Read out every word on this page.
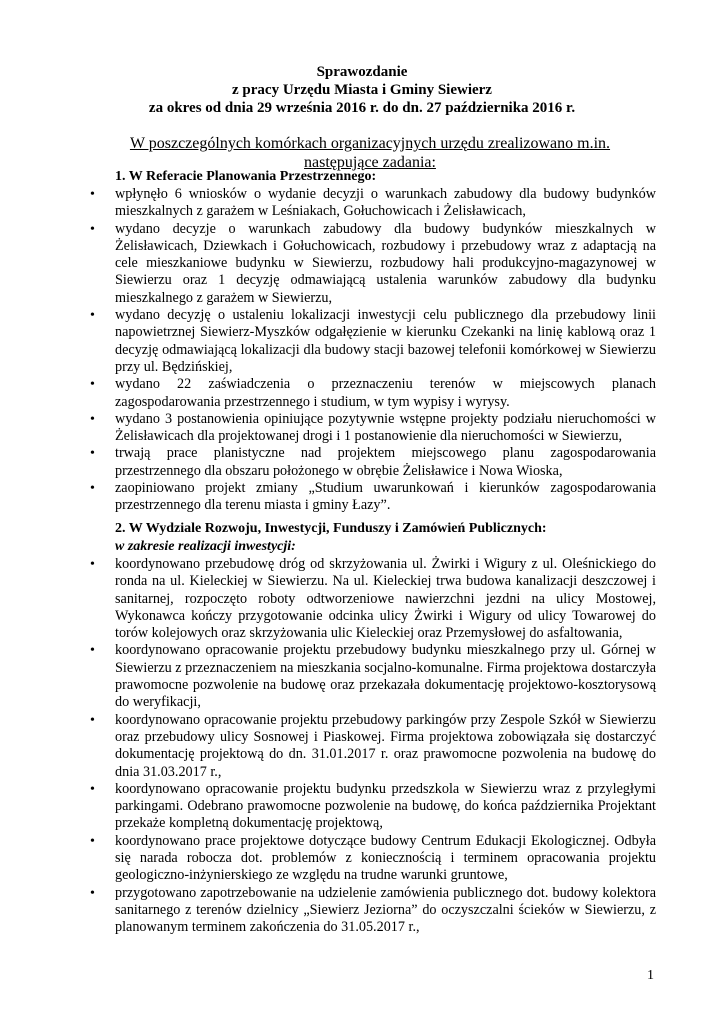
Sprawozdanie

z pracy Urzędu Miasta i Gminy Siewierz

za okres od dnia 29 września 2016 r. do dn. 27 października 2016 r.

W poszczególnych komórkach organizacyjnych urzędu zrealizowano m.in. następujące zadania:

1. W Referacie Planowania Przestrzennego:

• wpłynęło 6 wniosków o wydanie decyzji o warunkach zabudowy dla budowy budynków mieszkalnych z garażem w Leśniakach, Gołuchowicach i Żelisławicach,
• wydano decyzje o warunkach zabudowy dla budowy budynków mieszkalnych w Żelisławicach, Dziewkach i Gołuchowicach, rozbudowy i przebudowy wraz z adaptacją na cele mieszkaniowe budynku w Siewierzu, rozbudowy hali produkcyjno-magazynowej w Siewierzu oraz 1 decyzję odmawiającą ustalenia warunków zabudowy dla budynku mieszkalnego z garażem w Siewierzu,
• wydano decyzję o ustaleniu lokalizacji inwestycji celu publicznego dla przebudowy linii napowietrznej Siewierz-Myszków odgałęzienie w kierunku Czekanki na linię kablową oraz 1 decyzję odmawiającą lokalizacji dla budowy stacji bazowej telefonii komórkowej w Siewierzu przy ul. Będzińskiej,
• wydano 22 zaświadczenia o przeznaczeniu terenów w miejscowych planach zagospodarowania przestrzennego i studium, w tym wypisy i wyrysy.
• wydano 3 postanowienia opiniujące pozytywnie wstępne projekty podziału nieruchomości w Żelisławicach dla projektowanej drogi i 1 postanowienie dla nieruchomości w Siewierzu,
• trwają prace planistyczne nad projektem miejscowego planu zagospodarowania przestrzennego dla obszaru położonego w obrębie Żelisławice i Nowa Wioska,
• zaopiniowano projekt zmiany „Studium uwarunkowań i kierunków zagospodarowania przestrzennego dla terenu miasta i gminy Łazy”.

2. W Wydziale Rozwoju, Inwestycji, Funduszy i Zamówień Publicznych:

w zakresie realizacji inwestycji:

• koordynowano przebudowę dróg od skrzyżowania ul. Żwirki i Wigury z ul. Oleśnickiego do ronda na ul. Kieleckiej w Siewierzu. Na ul. Kieleckiej trwa budowa kanalizacji deszczowej i sanitarnej, rozpoczęto roboty odtworzeniowe nawierzchni jezdni na ulicy Mostowej, Wykonawca kończy przygotowanie odcinka ulicy Żwirki i Wigury od ulicy Towarowej do torów kolejowych oraz skrzyżowania ulic Kieleckiej oraz Przemysłowej do asfaltowania,
• koordynowano opracowanie projektu przebudowy budynku mieszkalnego przy ul. Górnej w Siewierzu z przeznaczeniem na mieszkania socjalno-komunalne. Firma projektowa dostarczyła prawomocne pozwolenie na budowę oraz przekazała dokumentację projektowo-kosztorysową do weryfikacji,
• koordynowano opracowanie projektu przebudowy parkingów przy Zespole Szkół w Siewierzu oraz przebudowy ulicy Sosnowej i Piaskowej. Firma projektowa zobowiązała się dostarczyć dokumentację projektową do dn. 31.01.2017 r. oraz prawomocne pozwolenia na budowę do dnia 31.03.2017 r.,
• koordynowano opracowanie projektu budynku przedszkola w Siewierzu wraz z przyległymi parkingami. Odebrano prawomocne pozwolenie na budowę, do końca października Projektant przekaże kompletną dokumentację projektową,
• koordynowano prace projektowe dotyczące budowy Centrum Edukacji Ekologicznej. Odbyła się narada robocza dot. problemów z koniecznością i terminem opracowania projektu geologiczno-inżynierskiego ze względu na trudne warunki gruntowe,
• przygotowano zapotrzebowanie na udzielenie zamówienia publicznego dot. budowy kolektora sanitarnego z terenów dzielnicy „Siewierz Jeziorna” do oczyszczalni ścieków w Siewierzu, z planowanym terminem zakończenia do 31.05.2017 r.,

1
